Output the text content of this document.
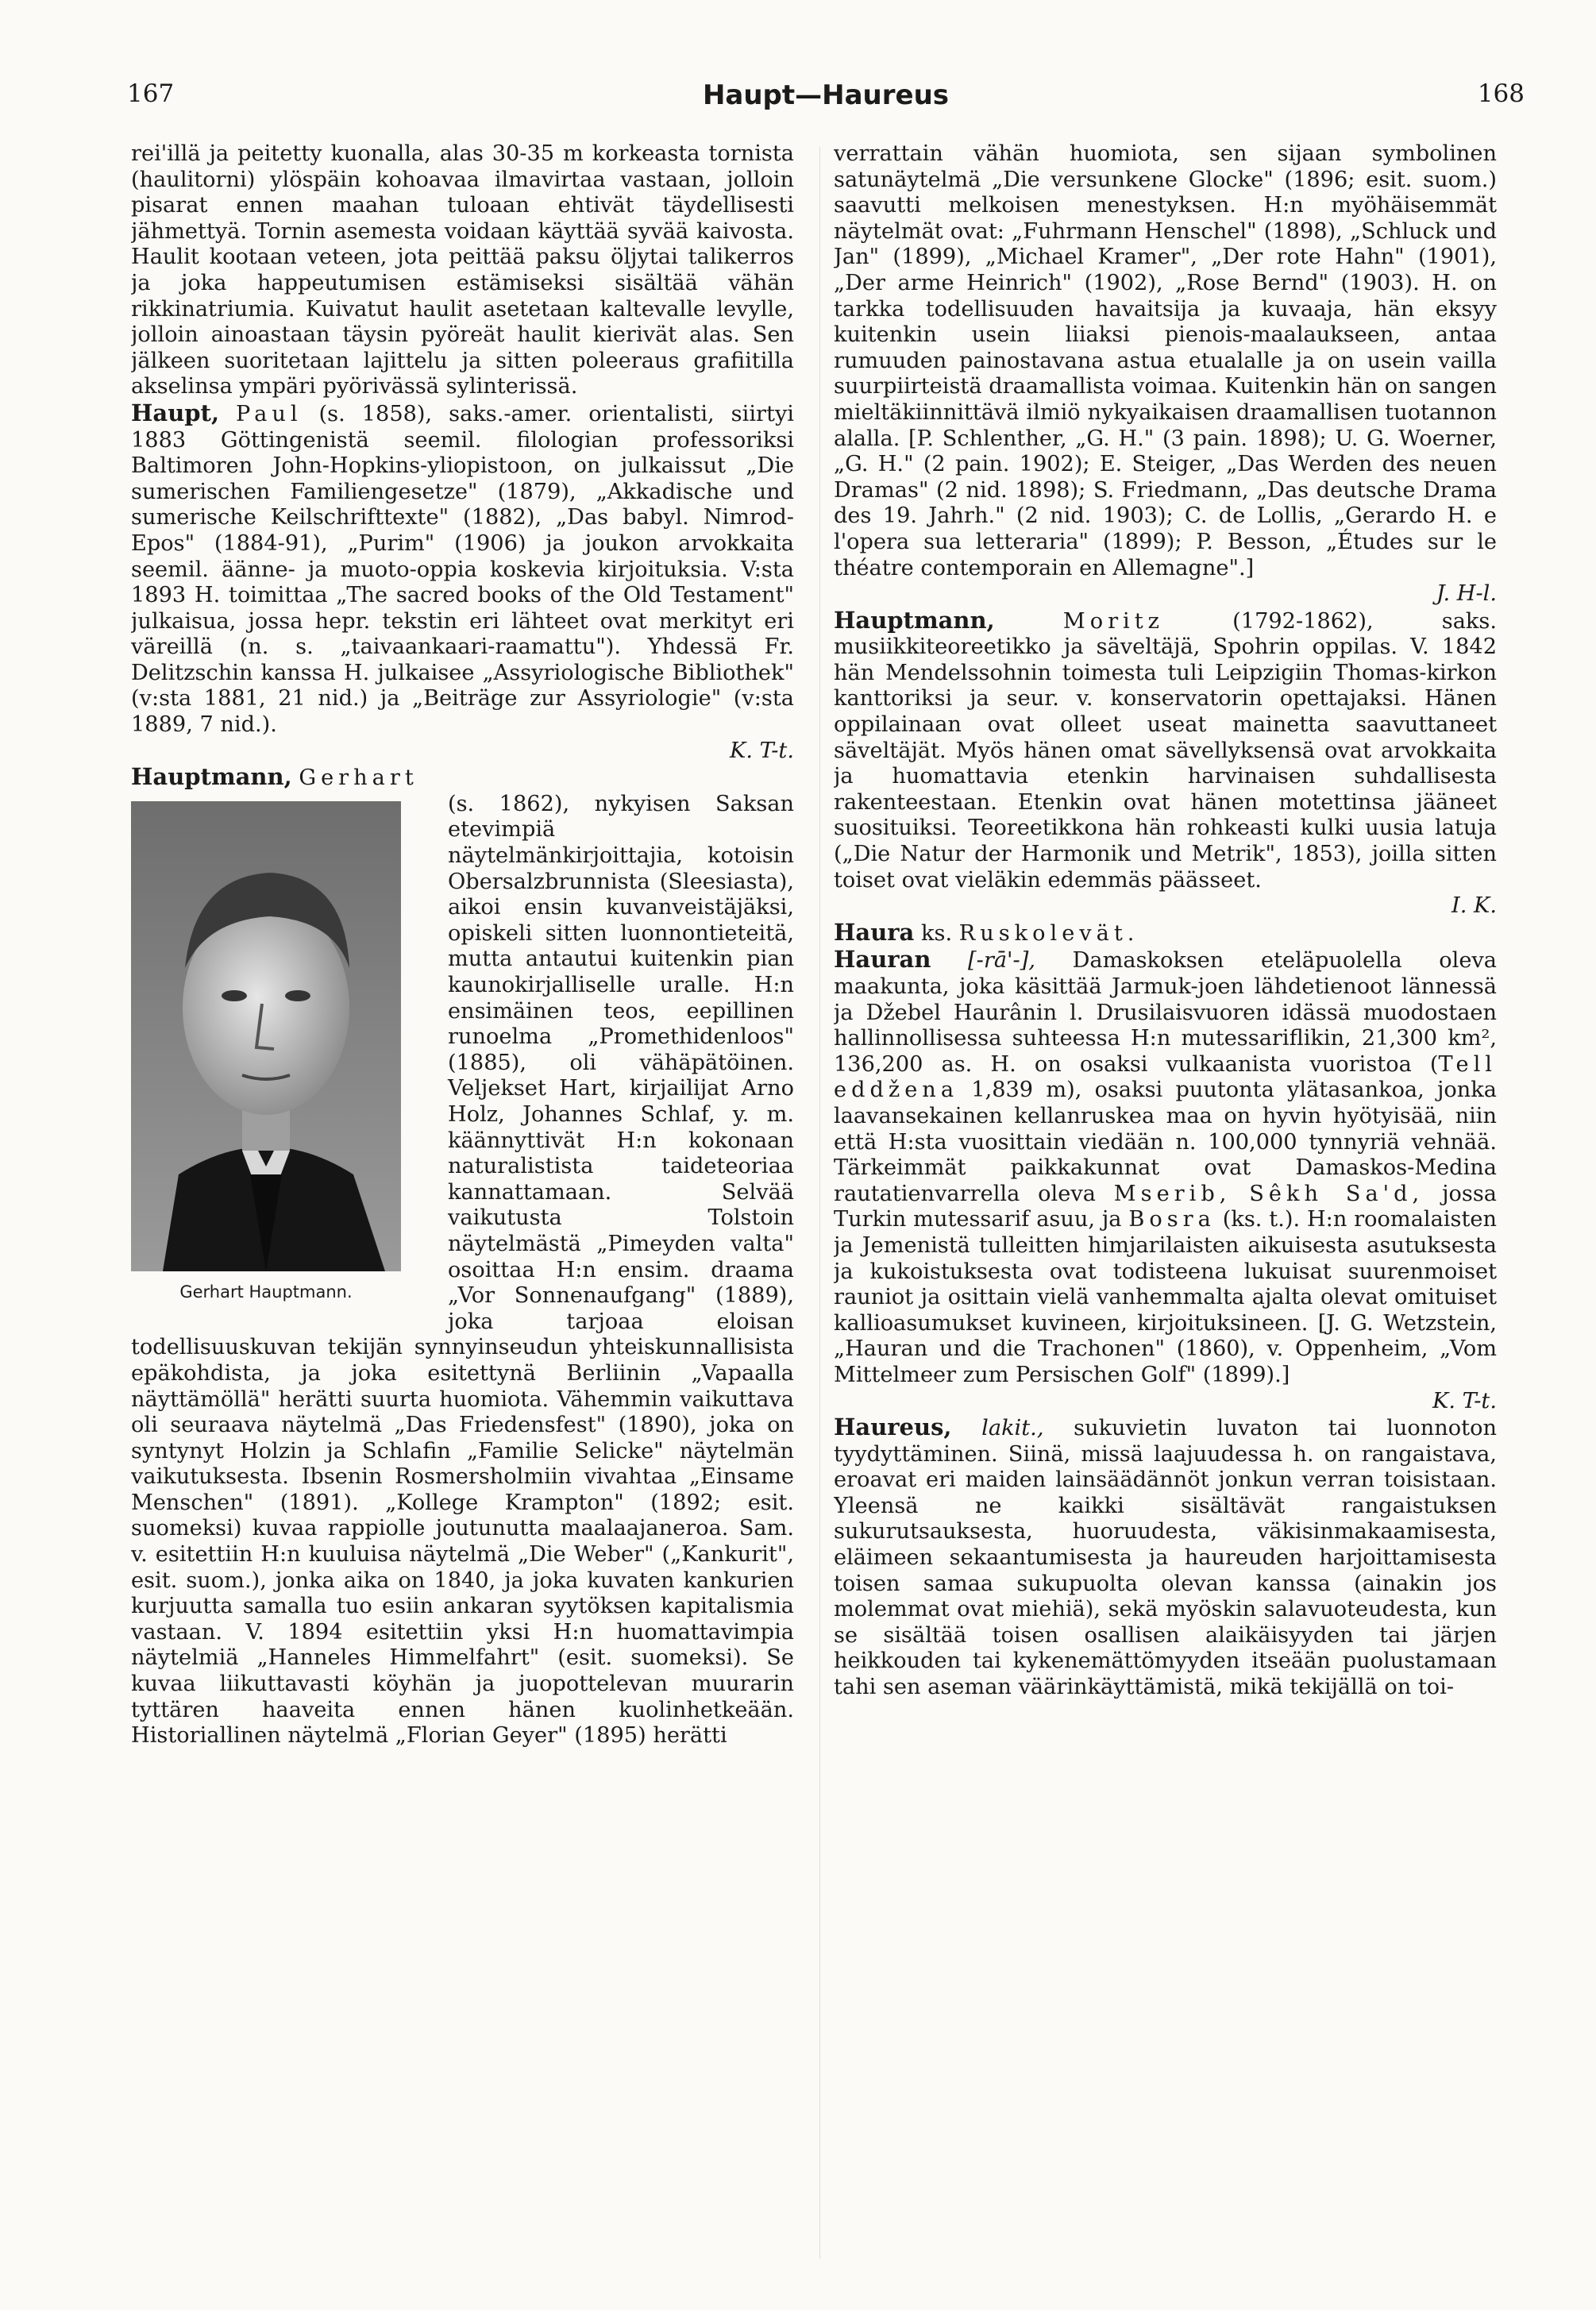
167	Haupt—Haureus	168

rei'illä ja peitetty kuonalla, alas 30-35 m korkeasta tornista (haulitorni) ylöspäin kohoavaa ilmavirtaa vastaan, jolloin pisarat ennen maahan tuloaan ehtivät täydellisesti jähmettyä. Tornin asemesta voidaan käyttää syvää kaivosta. Haulit kootaan veteen, jota peittää paksu öljytai talikerros ja joka happeutumisen estämiseksi sisältää vähän rikkinatriumia. Kuivatut haulit asetetaan kaltevalle levylle, jolloin ainoastaan täysin pyöreät haulit kierivät alas. Sen jälkeen suoritetaan lajittelu ja sitten poleeraus grafiitilla akselinsa ympäri pyörivässä sylinterissä.

Haupt, Paul (s. 1858), saks.-amer. orientalisti, siirtyi 1883 Göttingenistä seemil. filologian professoriksi Baltimoren John-Hopkins-yliopistoon, on julkaissut „Die sumerischen Familiengesetze" (1879), „Akkadische und sumerische Keilschrifttexte" (1882), „Das babyl. Nimrod-Epos" (1884-91), „Purim" (1906) ja joukon arvokkaita seemil. äänne- ja muoto-oppia koskevia kirjoituksia. V:sta 1893 H. toimittaa „The sacred books of the Old Testament" julkaisua, jossa hepr. tekstin eri lähteet ovat merkityt eri väreillä (n. s. „taivaankaari-raamattu"). Yhdessä Fr. Delitzschin kanssa H. julkaisee „Assyriologische Bibliothek" (v:sta 1881, 21 nid.) ja „Beiträge zur Assyriologie" (v:sta 1889, 7 nid.).

K. T-t.

Hauptmann, Gerhart

Gerhart Hauptmann.

(s. 1862), nykyisen Saksan etevimpiä näytelmänkirjoittajia, kotoisin Obersalzbrunnista (Sleesiasta), aikoi ensin kuvanveistäjäksi, opiskeli sitten luonnontieteitä, mutta antautui kuitenkin pian kaunokirjalliselle uralle. H:n ensimäinen teos, eepillinen runoelma „Promethidenloos" (1885), oli vähäpätöinen. Veljekset Hart, kirjailijat Arno Holz, Johannes Schlaf, y. m. käännyttivät H:n kokonaan naturalistista taideteoriaa kannattamaan. Selvää vaikutusta Tolstoin näytelmästä „Pimeyden valta" osoittaa H:n ensim. draama „Vor Sonnenaufgang" (1889), joka tarjoaa eloisan todellisuuskuvan tekijän synnyinseudun yhteiskunnallisista epäkohdista, ja joka esitettynä Berliinin „Vapaalla näyttämöllä" herätti suurta huomiota. Vähemmin vaikuttava oli seuraava näytelmä „Das Friedensfest" (1890), joka on syntynyt Holzin ja Schlafin „Familie Selicke" näytelmän vaikutuksesta. Ibsenin Rosmersholmiin vivahtaa „Einsame Menschen" (1891). „Kollege Krampton" (1892; esit. suomeksi) kuvaa rappiolle joutunutta maalaajaneroa. Sam. v. esitettiin H:n kuuluisa näytelmä „Die Weber" („Kankurit", esit. suom.), jonka aika on 1840, ja joka kuvaten kankurien kurjuutta samalla tuo esiin ankaran syytöksen kapitalismia vastaan. V. 1894 esitettiin yksi H:n huomattavimpia näytelmiä „Hanneles Himmelfahrt" (esit. suomeksi). Se kuvaa liikuttavasti köyhän ja juopottelevan muurarin tyttären haaveita ennen hänen kuolinhetkeään. Historiallinen näytelmä „Florian Geyer" (1895) herätti

verrattain vähän huomiota, sen sijaan symbolinen satunäytelmä „Die versunkene Glocke" (1896; esit. suom.) saavutti melkoisen menestyksen. H:n myöhäisemmät näytelmät ovat: „Fuhrmann Henschel" (1898), „Schluck und Jan" (1899), „Michael Kramer", „Der rote Hahn" (1901), „Der arme Heinrich" (1902), „Rose Bernd" (1903). H. on tarkka todellisuuden havaitsija ja kuvaaja, hän eksyy kuitenkin usein liiaksi pienois-maalaukseen, antaa rumuuden painostavana astua etualalle ja on usein vailla suurpiirteistä draamallista voimaa. Kuitenkin hän on sangen mieltäkiinnittävä ilmiö nykyaikaisen draamallisen tuotannon alalla. [P. Schlenther, „G. H." (3 pain. 1898); U. G. Woerner, „G. H." (2 pain. 1902); E. Steiger, „Das Werden des neuen Dramas" (2 nid. 1898); S. Friedmann, „Das deutsche Drama des 19. Jahrh." (2 nid. 1903); C. de Lollis, „Gerardo H. e l'opera sua letteraria" (1899); P. Besson, „Études sur le théatre contemporain en Allemagne".]

J. H-l.

Hauptmann,	Moritz	(1792-1862), saks. musiikkiteoreetikko ja säveltäjä, Spohrin oppilas. V. 1842 hän Mendelssohnin toimesta tuli Leipzigiin Thomas-kirkon kanttoriksi ja seur. v. konservatorin opettajaksi. Hänen oppilainaan ovat olleet useat mainetta saavuttaneet säveltäjät. Myös hänen omat sävellyksensä ovat arvokkaita ja huomattavia etenkin harvinaisen suhdallisesta rakenteestaan. Etenkin ovat hänen motettinsa jääneet suosituiksi. Teoreetikkona hän rohkeasti kulki uusia latuja („Die Natur der Harmonik und Metrik", 1853), joilla sitten toiset ovat vieläkin edemmäs päässeet.

I. K.

Haura ks. Ruskolevät.

Hauran [-rā'-], Damaskoksen eteläpuolella oleva maakunta, joka käsittää Jarmuk-joen lähdetienoot lännessä ja Džebel Haurânin l. Drusilaisvuoren idässä muodostaen hallinnollisessa suhteessa H:n mutessariflikin, 21,300 km², 136,200 as. H. on osaksi vulkaanista vuoristoa (Tell eddžena 1,839 m), osaksi puutonta ylätasankoa, jonka laavansekainen kellanruskea maa on hyvin hyötyisää, niin että H:sta vuosittain viedään n. 100,000 tynnyriä vehnää. Tärkeimmät paikkakunnat ovat Damaskos-Medina rautatienvarrella oleva Mserib, Sêkh Sa'd, jossa Turkin mutessarif asuu, ja Bosra (ks. t.). H:n roomalaisten ja Jemenistä tulleitten himjarilaisten aikuisesta asutuksesta ja kukoistuksesta ovat todisteena lukuisat suurenmoiset rauniot ja osittain vielä vanhemmalta ajalta olevat omituiset kallioasumukset kuvineen, kirjoituksineen. [J. G. Wetzstein, „Hauran und die Trachonen" (1860), v. Oppenheim, „Vom Mittelmeer zum Persischen Golf" (1899).]

K. T-t.

Haureus, lakit., sukuvietin luvaton tai luonnoton tyydyttäminen. Siinä, missä laajuudessa h. on rangaistava, eroavat eri maiden lainsäädännöt jonkun verran toisistaan. Yleensä ne kaikki sisältävät rangaistuksen sukurutsauksesta, huoruudesta, väkisinmakaamisesta, eläimeen sekaantumisesta ja haureuden harjoittamisesta toisen samaa sukupuolta olevan kanssa (ainakin jos molemmat ovat miehiä), sekä myöskin salavuoteudesta, kun se sisältää toisen osallisen alaikäisyyden tai järjen heikkouden tai kykenemättömyyden itseään puolustamaan tahi sen aseman väärinkäyttämistä, mikä tekijällä on toi-
